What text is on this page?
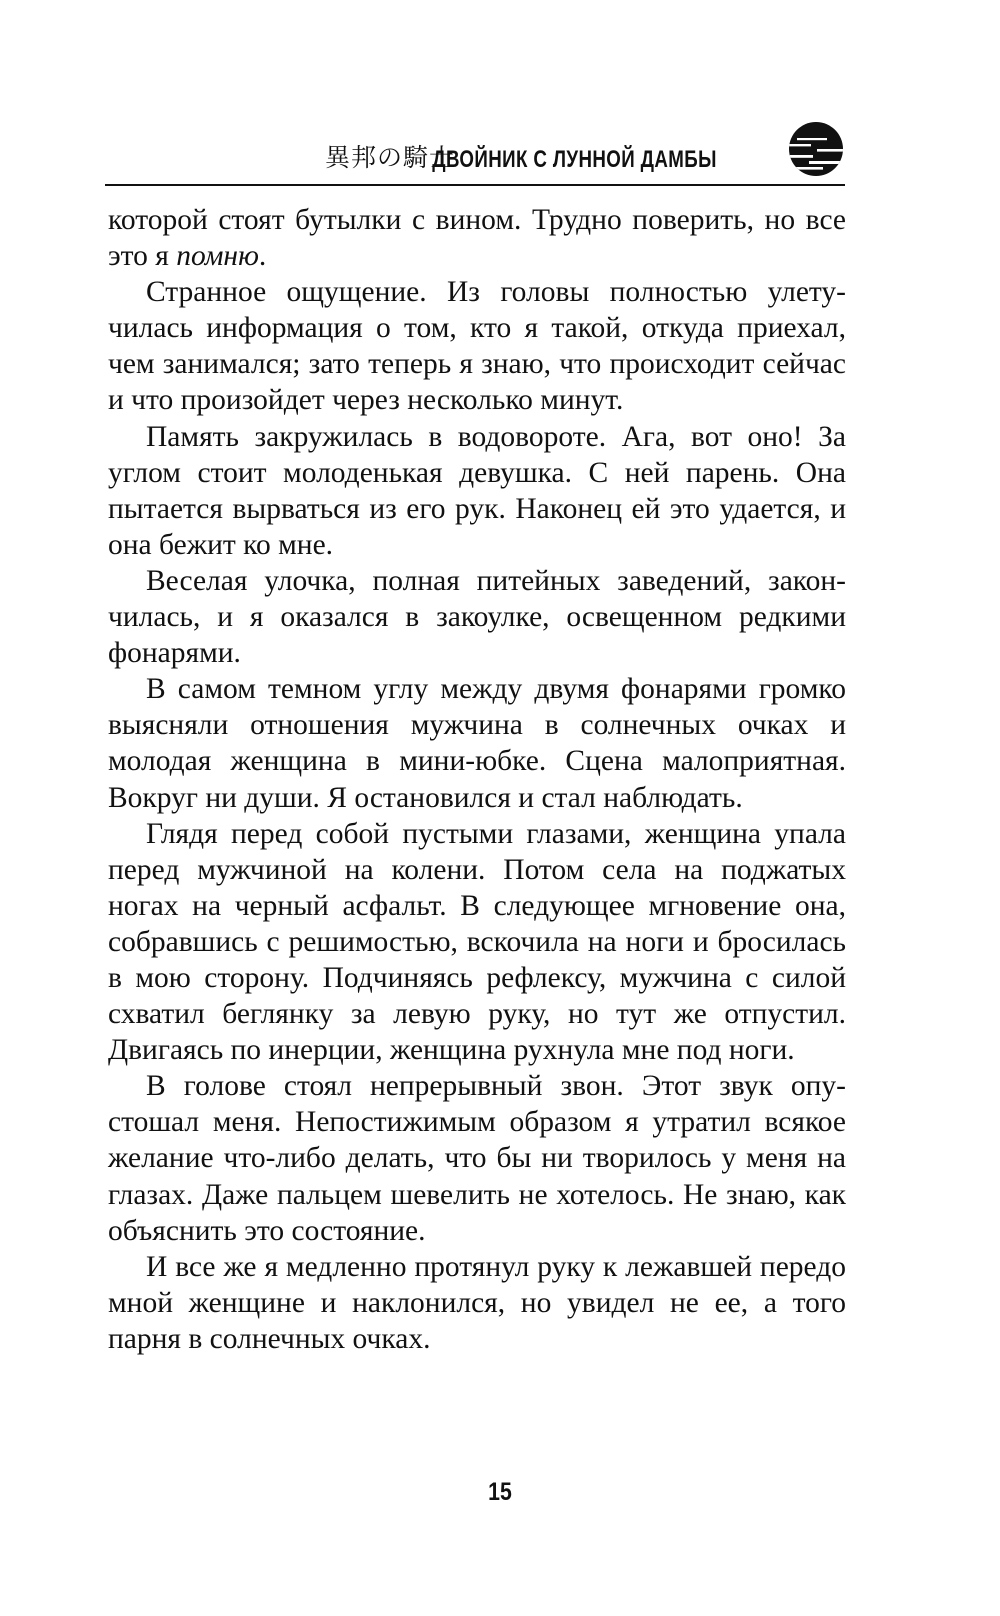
異邦の騎士
ДВОЙНИК С ЛУННОЙ ДАМБЫ

которой стоят бутылки с вином. Трудно поверить, но все это я помню.

Странное ощущение. Из головы полностью улетучилась информация о том, кто я такой, откуда приехал, чем занимался; зато теперь я знаю, что происходит сейчас и что произойдет через несколько минут.

Память закружилась в водовороте. Ага, вот оно! За углом стоит молоденькая девушка. С ней парень. Она пытается вырваться из его рук. Наконец ей это удается, и она бежит ко мне.

Веселая улочка, полная питейных заведений, закончилась, и я оказался в закоулке, освещенном редкими фонарями.

В самом темном углу между двумя фонарями громко выясняли отношения мужчина в солнечных очках и молодая женщина в мини-юбке. Сцена малоприятная. Вокруг ни души. Я остановился и стал наблюдать.

Глядя перед собой пустыми глазами, женщина упала перед мужчиной на колени. Потом села на поджатых ногах на черный асфальт. В следующее мгновение она, собравшись с решимостью, вскочила на ноги и бросилась в мою сторону. Подчиняясь рефлексу, мужчина с силой схватил беглянку за левую руку, но тут же отпустил. Двигаясь по инерции, женщина рухнула мне под ноги.

В голове стоял непрерывный звон. Этот звук опустошал меня. Непостижимым образом я утратил всякое желание что-либо делать, что бы ни творилось у меня на глазах. Даже пальцем шевелить не хотелось. Не знаю, как объяснить это состояние.

И все же я медленно протянул руку к лежавшей передо мной женщине и наклонился, но увидел не ее, а того парня в солнечных очках.

15
